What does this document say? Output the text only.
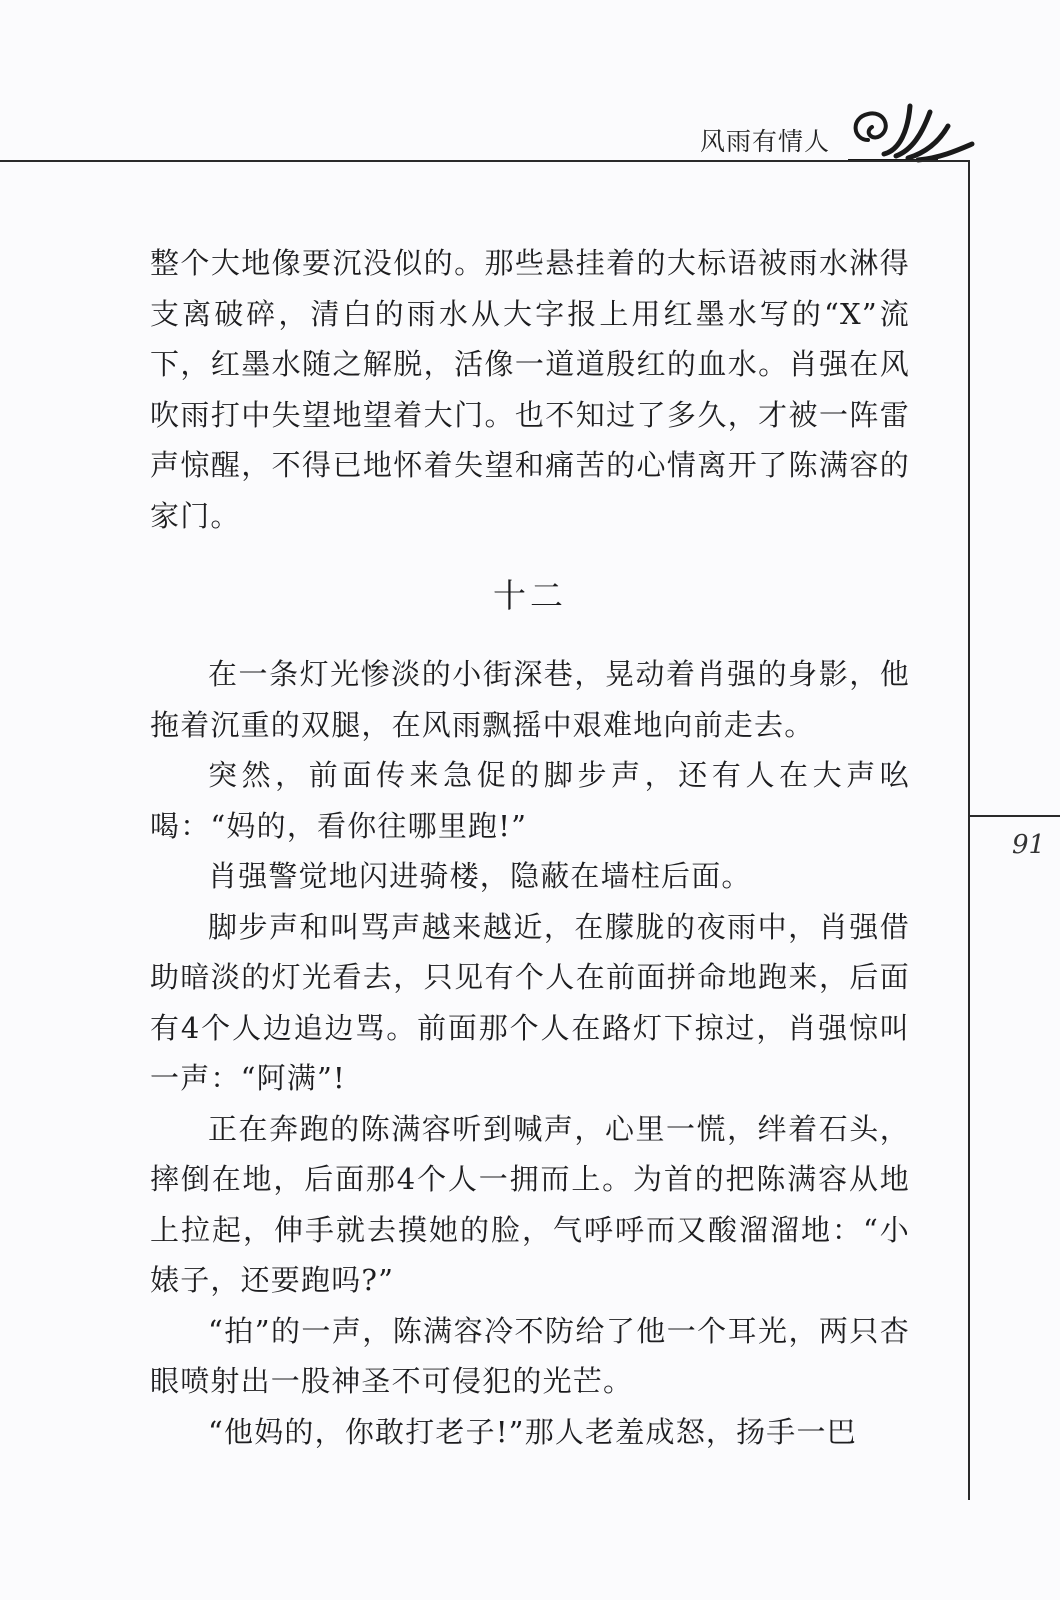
风雨有情人
91

整个大地像要沉没似的。那些悬挂着的大标语被雨水淋得支离破碎，清白的雨水从大字报上用红墨水写的“X”流下，红墨水随之解脱，活像一道道殷红的血水。肖强在风吹雨打中失望地望着大门。也不知过了多久，才被一阵雷声惊醒，不得已地怀着失望和痛苦的心情离开了陈满容的家门。

十二

在一条灯光惨淡的小街深巷，晃动着肖强的身影，他拖着沉重的双腿，在风雨飘摇中艰难地向前走去。

突然，前面传来急促的脚步声，还有人在大声吆喝：“妈的，看你往哪里跑!”

肖强警觉地闪进骑楼，隐蔽在墙柱后面。

脚步声和叫骂声越来越近，在朦胧的夜雨中，肖强借助暗淡的灯光看去，只见有个人在前面拼命地跑来，后面有4个人边追边骂。前面那个人在路灯下掠过，肖强惊叫一声：“阿满”!

正在奔跑的陈满容听到喊声，心里一慌，绊着石头，摔倒在地，后面那4个人一拥而上。为首的把陈满容从地上拉起，伸手就去摸她的脸，气呼呼而又酸溜溜地：“小婊子，还要跑吗?”

“拍”的一声，陈满容冷不防给了他一个耳光，两只杏眼喷射出一股神圣不可侵犯的光芒。

“他妈的，你敢打老子!”那人老羞成怒，扬手一巴
